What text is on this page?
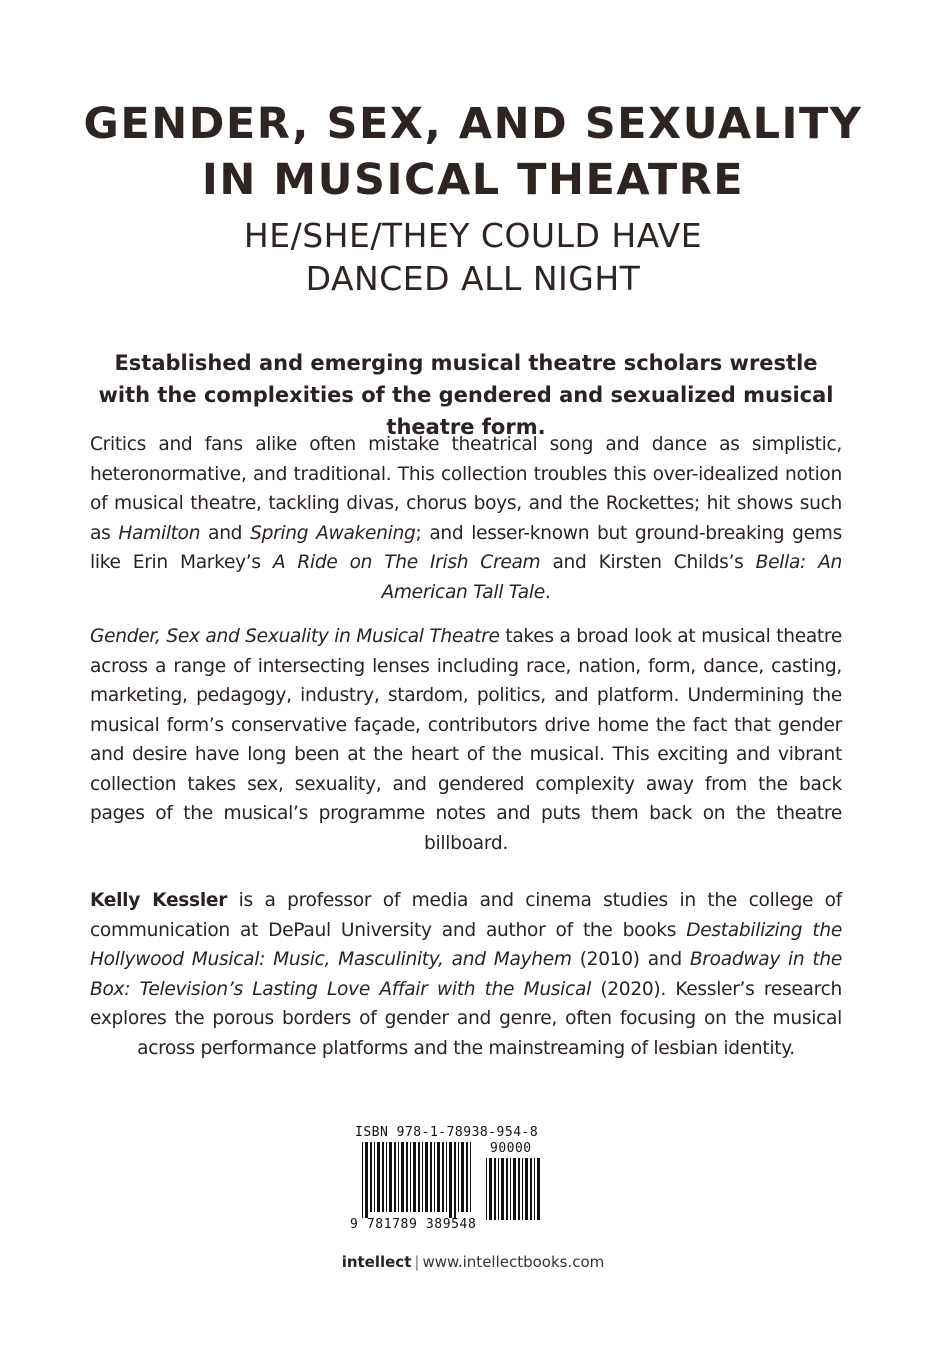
GENDER, SEX, AND SEXUALITY
IN MUSICAL THEATRE
HE/SHE/THEY COULD HAVE
DANCED ALL NIGHT

Established and emerging musical theatre scholars wrestle with the complexities of the gendered and sexualized musical theatre form.

Critics and fans alike often mistake theatrical song and dance as simplistic, heteronormative, and traditional. This collection troubles this over-idealized notion of musical theatre, tackling divas, chorus boys, and the Rockettes; hit shows such as Hamilton and Spring Awakening; and lesser-known but ground-breaking gems like Erin Markey’s A Ride on The Irish Cream and Kirsten Childs’s Bella: An American Tall Tale.

Gender, Sex and Sexuality in Musical Theatre takes a broad look at musical theatre across a range of intersecting lenses including race, nation, form, dance, casting, marketing, pedagogy, industry, stardom, politics, and platform. Undermining the musical form’s conservative façade, contributors drive home the fact that gender and desire have long been at the heart of the musical. This exciting and vibrant collection takes sex, sexuality, and gendered complexity away from the back pages of the musical’s programme notes and puts them back on the theatre billboard.

Kelly Kessler is a professor of media and cinema studies in the college of communication at DePaul University and author of the books Destabilizing the Hollywood Musical: Music, Masculinity, and Mayhem (2010) and Broadway in the Box: Television’s Lasting Love Affair with the Musical (2020). Kessler’s research explores the porous borders of gender and genre, often focusing on the musical across performance platforms and the mainstreaming of lesbian identity.

ISBN 978-1-78938-954-8
90000
9 781789 389548
intellect | www.intellectbooks.com
